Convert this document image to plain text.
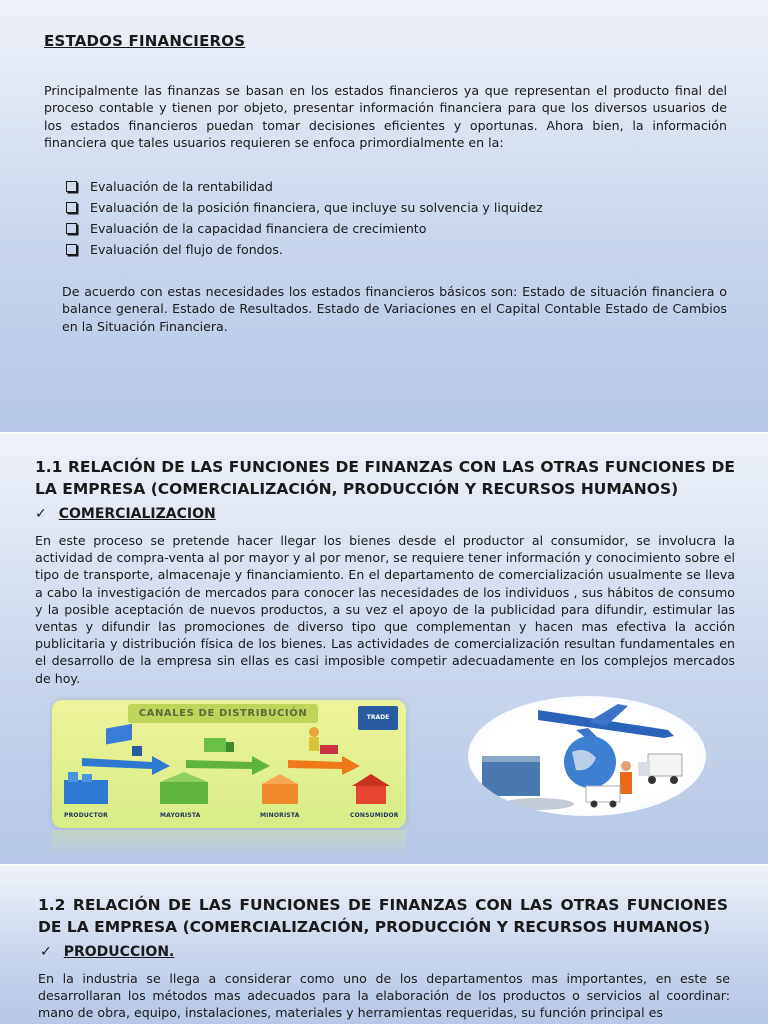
ESTADOS FINANCIEROS

Principalmente las finanzas se basan en los estados financieros ya que representan el producto final del proceso contable y tienen por objeto, presentar información financiera para que los diversos usuarios de los estados financieros puedan tomar decisiones eficientes y oportunas. Ahora bien, la información financiera que tales usuarios requieren se enfoca primordialmente en la:

Evaluación de la rentabilidad
Evaluación de la posición financiera, que incluye su solvencia y liquidez
Evaluación de la capacidad financiera de crecimiento
Evaluación del flujo de fondos.

De acuerdo con estas necesidades los estados financieros básicos son: Estado de situación financiera o balance general. Estado de Resultados. Estado de Variaciones en el Capital Contable Estado de Cambios en la Situación Financiera.

1.1 RELACIÓN DE LAS FUNCIONES DE FINANZAS CON LAS OTRAS FUNCIONES DE LA EMPRESA (COMERCIALIZACIÓN, PRODUCCIÓN Y RECURSOS HUMANOS)
✓ COMERCIALIZACION

En este proceso se pretende hacer llegar los bienes desde el productor al consumidor, se involucra la actividad de compra-venta al por mayor y al por menor, se requiere tener información y conocimiento sobre el tipo de transporte, almacenaje y financiamiento. En el departamento de comercialización usualmente se lleva a cabo la investigación de mercados para conocer las necesidades de los individuos , sus hábitos de consumo y la posible aceptación de nuevos productos, a su vez el apoyo de la publicidad para difundir, estimular las ventas y difundir las promociones de diverso tipo que complementan y hacen mas efectiva la acción publicitaria y distribución física de los bienes. Las actividades de comercialización resultan fundamentales en el desarrollo de la empresa sin ellas es casi imposible competir adecuadamente en los complejos mercados de hoy.

CANALES DE DISTRIBUCIÓN	TRADE
PRODUCTOR	MAYORISTA	MINORISTA	CONSUMIDOR
1.2 RELACIÓN DE LAS FUNCIONES DE FINANZAS CON LAS OTRAS FUNCIONES DE LA EMPRESA (COMERCIALIZACIÓN, PRODUCCIÓN Y RECURSOS HUMANOS)
✓ PRODUCCION.

En la industria se llega a considerar como uno de los departamentos mas importantes, en este se desarrollaran los métodos mas adecuados para la elaboración de los productos o servicios al coordinar: mano de obra, equipo, instalaciones, materiales y herramientas requeridas, su función principal es
